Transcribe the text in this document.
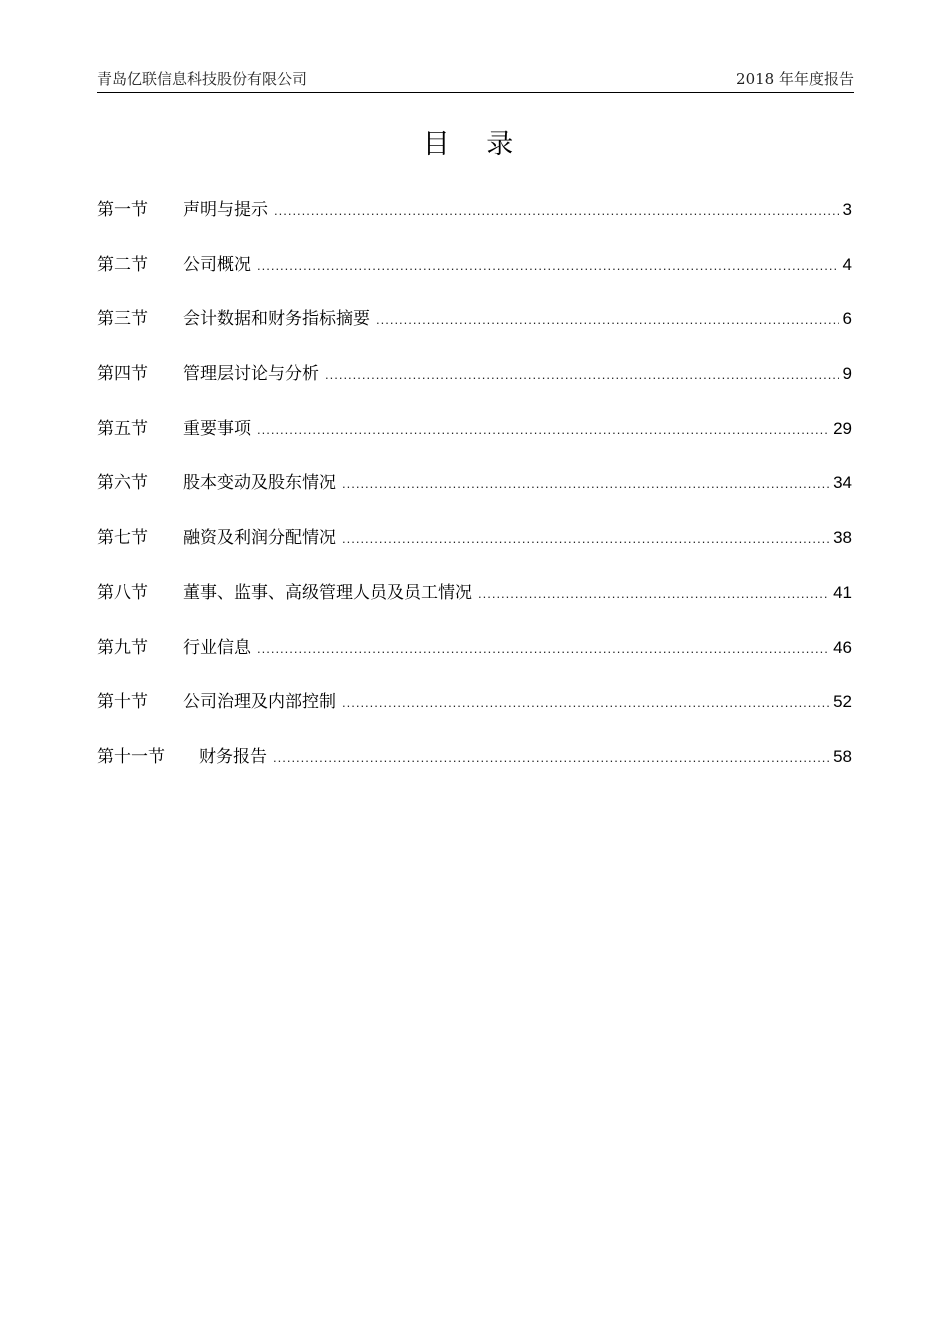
青岛亿联信息科技股份有限公司	2018 年年度报告
目 录
第一节	声明与提示 .....	3
第二节	公司概况 .....	4
第三节	会计数据和财务指标摘要 .....	6
第四节	管理层讨论与分析 .....	9
第五节	重要事项 .....	29
第六节	股本变动及股东情况 .....	34
第七节	融资及利润分配情况 .....	38
第八节	董事、监事、高级管理人员及员工情况 .....	41
第九节	行业信息 .....	46
第十节	公司治理及内部控制 .....	52
第十一节	财务报告 .....	58
